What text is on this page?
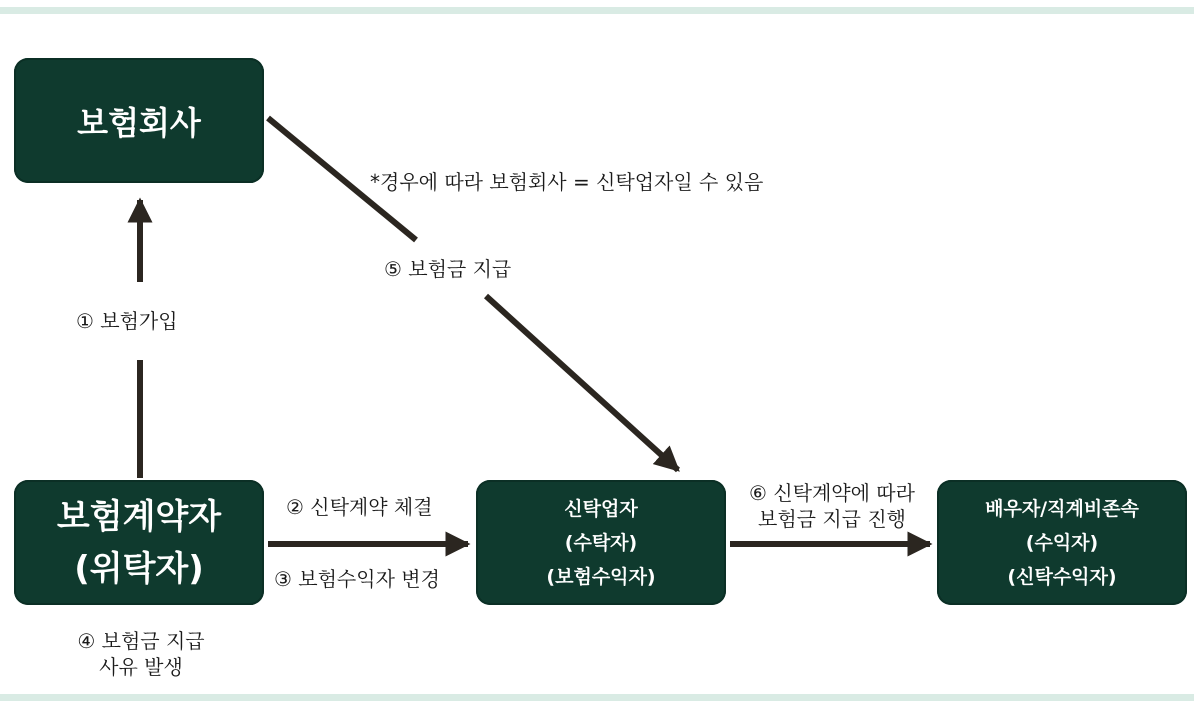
보험회사
보험계약자
(위탁자)
신탁업자
(수탁자)
(보험수익자)
배우자/직계비존속
(수익자)
(신탁수익자)
① 보험가입
*경우에 따라 보험회사 = 신탁업자일 수 있음
⑤ 보험금 지급
② 신탁계약 체결
③ 보험수익자 변경
④ 보험금 지급
사유 발생
⑥ 신탁계약에 따라
보험금 지급 진행
